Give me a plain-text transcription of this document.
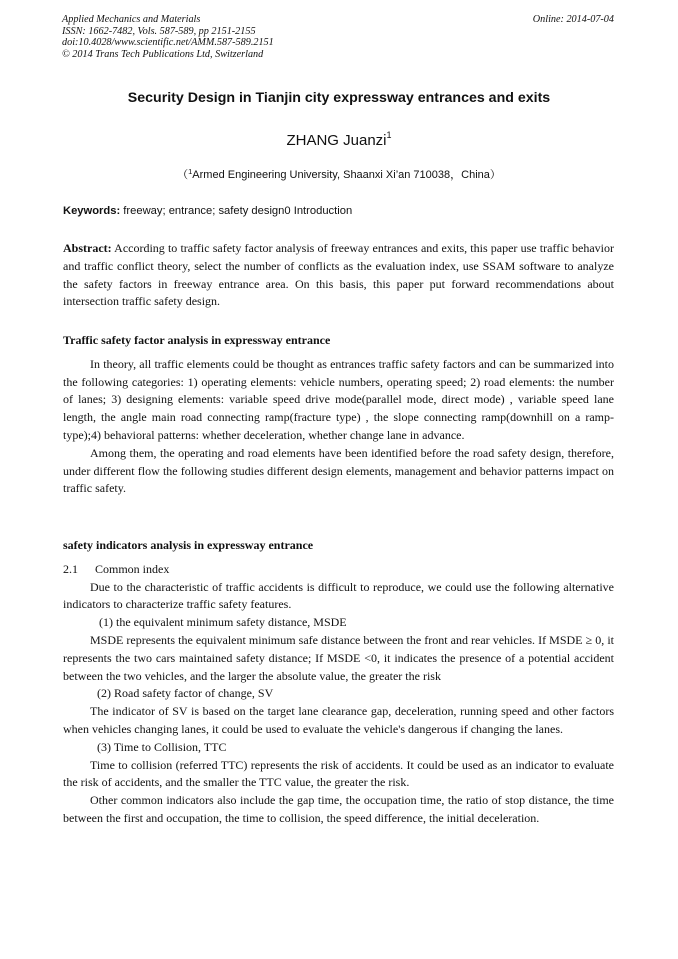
Applied Mechanics and Materials
ISSN: 1662-7482, Vols. 587-589, pp 2151-2155
doi:10.4028/www.scientific.net/AMM.587-589.2151
© 2014 Trans Tech Publications Ltd, Switzerland
Online: 2014-07-04
Security Design in Tianjin city expressway entrances and exits
ZHANG Juanzi$^1$
（$^1$Armed Engineering University, Shaanxi Xi’an 710038，China）
Keywords: freeway; entrance; safety design0 Introduction

Abstract: According to traffic safety factor analysis of freeway entrances and exits, this paper use traffic behavior and traffic conflict theory, select the number of conflicts as the evaluation index, use SSAM software to analyze the safety factors in freeway entrance area. On this basis, this paper put forward recommendations about intersection traffic safety design.

Traffic safety factor analysis in expressway entrance

In theory, all traffic elements could be thought as entrances traffic safety factors and can be summarized into the following categories: 1) operating elements: vehicle numbers, operating speed; 2) road elements: the number of lanes; 3) designing elements: variable speed drive mode(parallel mode, direct mode) , variable speed lane length, the angle main road connecting ramp(fracture type) , the slope connecting ramp(downhill on a ramp-type);4) behavioral patterns: whether deceleration, whether change lane in advance.

Among them, the operating and road elements have been identified before the road safety design, therefore, under different flow the following studies different design elements, management and behavior patterns impact on traffic safety.

safety indicators analysis in expressway entrance

2.1 Common index

Due to the characteristic of traffic accidents is difficult to reproduce, we could use the following alternative indicators to characterize traffic safety features.

(1) the equivalent minimum safety distance, MSDE

MSDE represents the equivalent minimum safe distance between the front and rear vehicles. If MSDE ≥ 0, it represents the two cars maintained safety distance; If MSDE <0, it indicates the presence of a potential accident between the two vehicles, and the larger the absolute value, the greater the risk

(2) Road safety factor of change, SV

The indicator of SV is based on the target lane clearance gap, deceleration, running speed and other factors when vehicles changing lanes, it could be used to evaluate the vehicle's dangerous if changing the lanes.

(3) Time to Collision, TTC

Time to collision (referred TTC) represents the risk of accidents. It could be used as an indicator to evaluate the risk of accidents, and the smaller the TTC value, the greater the risk.

Other common indicators also include the gap time, the occupation time, the ratio of stop distance, the time between the first and occupation, the time to collision, the speed difference, the initial deceleration.
